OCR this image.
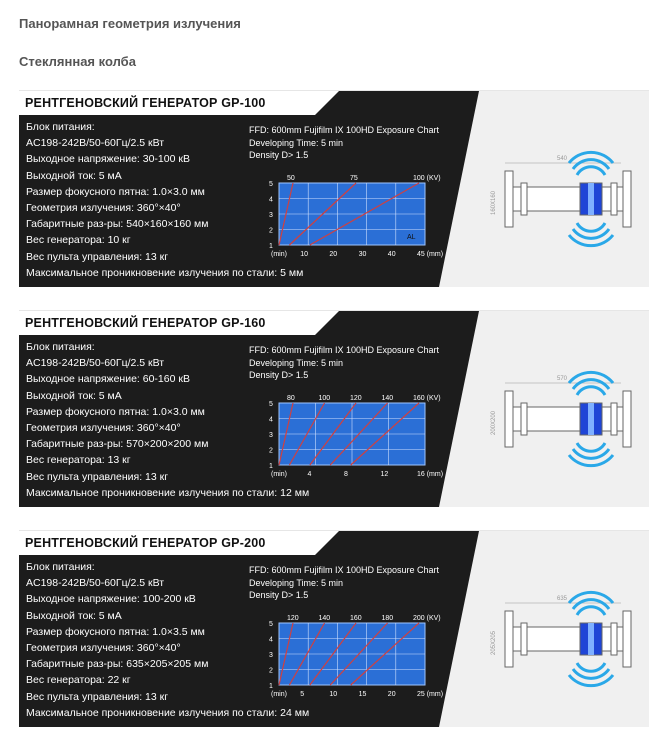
Панорамная геометрия излучения
Стеклянная колба
РЕНТГЕНОВСКИЙ ГЕНЕРАТОР GP-100
Блок питания:
AC198-242B/50-60Гц/2.5 кВт
Выходное напряжение: 30-100 кВ
Выходной ток: 5 мА
Размер фокусного пятна: 1.0×3.0 мм
Геометрия излучения: 360°×40°
Габаритные раз-ры: 540×160×160 мм
Вес генератора: 10 кг
Вес пульта управления: 13 кг
Максимальное проникновение излучения по стали: 5 мм
FFD: 600mm Fujifilm IX 100HD Exposure Chart
Developing Time: 5 min
Density D> 1.5
1
2
3
4
5
(min) 10	20	30	40	45 (mm)
50	75	100 (KV)
AL
540
160X160
РЕНТГЕНОВСКИЙ ГЕНЕРАТОР GP-160
Блок питания:
AC198-242B/50-60Гц/2.5 кВт
Выходное напряжение: 60-160 кВ
Выходной ток: 5 мА
Размер фокусного пятна: 1.0×3.0 мм
Геометрия излучения: 360°×40°
Габаритные раз-ры: 570×200×200 мм
Вес генератора: 13 кг
Вес пульта управления: 13 кг
Максимальное проникновение излучения по стали: 12 мм
FFD: 600mm Fujifilm IX 100HD Exposure Chart
Developing Time: 5 min
Density D> 1.5
1
2
3
4
5
(min)	4	8	12	16 (mm)
80	100	120	140	160 (KV)
570
200X200
РЕНТГЕНОВСКИЙ ГЕНЕРАТОР GP-200
Блок питания:
AC198-242B/50-60Гц/2.5 кВт
Выходное напряжение: 100-200 кВ
Выходной ток: 5 мА
Размер фокусного пятна: 1.0×3.5 мм
Геометрия излучения: 360°×40°
Габаритные раз-ры: 635×205×205 мм
Вес генератора: 22 кг
Вес пульта управления: 13 кг
Максимальное проникновение излучения по стали: 24 мм
FFD: 600mm Fujifilm IX 100HD Exposure Chart
Developing Time: 5 min
Density D> 1.5
1
2
3
4
5
(min) 5	10	15	20	25 (mm)
120	140	160	180	200 (KV)
635
205X205
